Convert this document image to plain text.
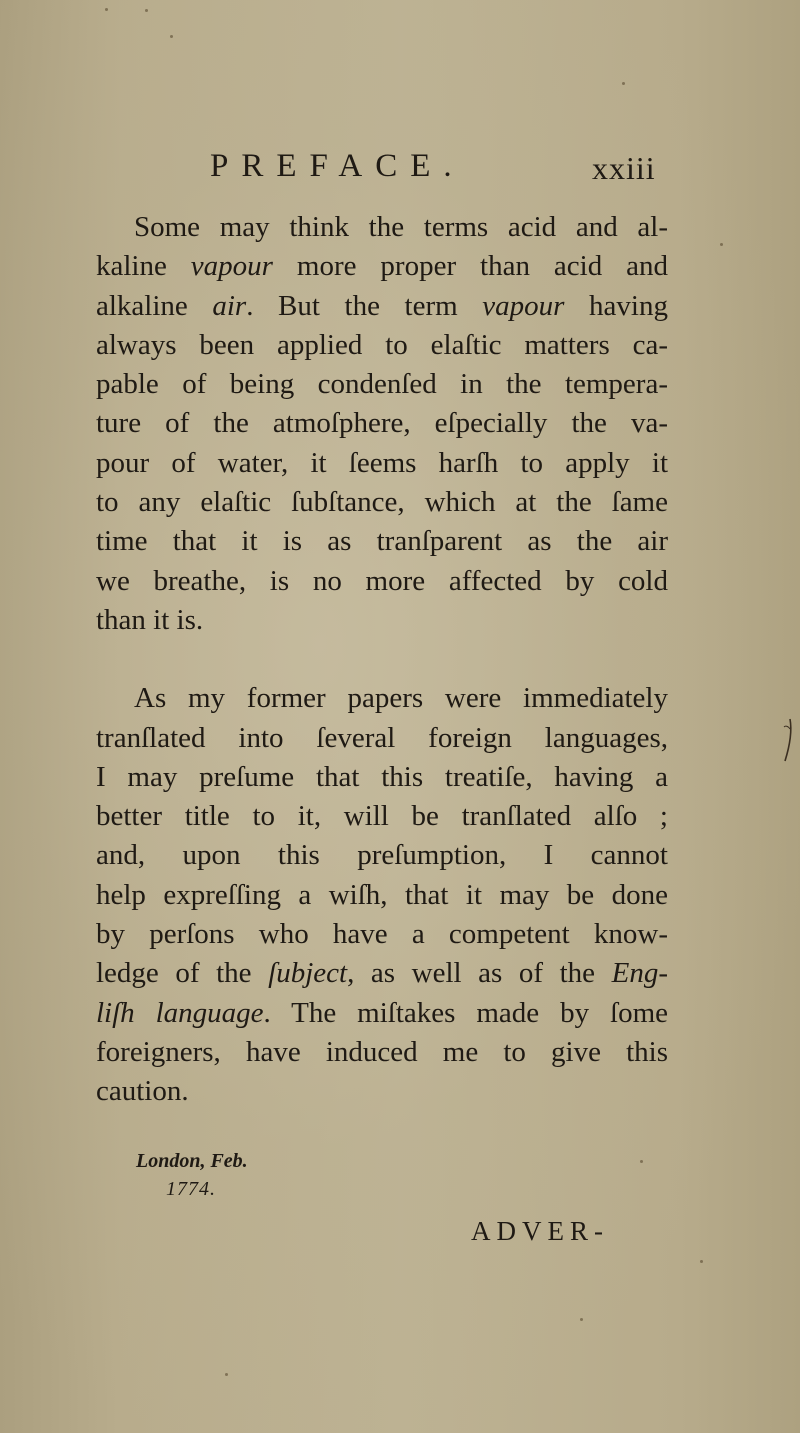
PREFACE.	xxiii

Some may think the terms acid and al-
kaline vapour more proper than acid and
alkaline air. But the term vapour having
always been applied to elaſtic matters ca-
pable of being condenſed in the tempera-
ture of the atmoſphere, eſpecially the va-
pour of water, it ſeems harſh to apply it
to any elaſtic ſubſtance, which at the ſame
time that it is as tranſparent as the air
we breathe, is no more affected by cold
than it is.

As my former papers were immediately
tranſlated into ſeveral foreign languages,
I may preſume that this treatiſe, having a
better title to it, will be tranſlated alſo ;
and, upon this preſumption, I cannot
help expreſſing a wiſh, that it may be done
by perſons who have a competent know-
ledge of the ſubject, as well as of the Eng-
liſh language. The miſtakes made by ſome
foreigners, have induced me to give this
caution.

London, Feb.
1774.
ADVER-
